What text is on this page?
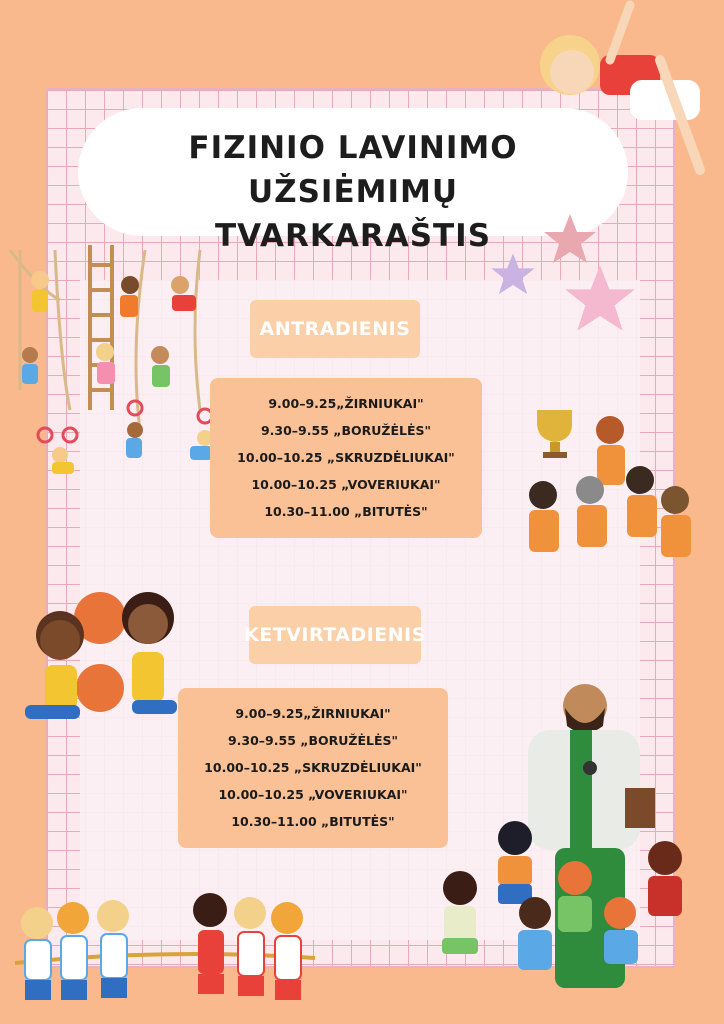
FIZINIO LAVINIMO UŽSIĖMIMŲ
TVARKARAŠTIS
ANTRADIENIS
9.00–9.25„ŽIRNIUKAI"
9.30–9.55 „BORUŽĖLĖS"
10.00–10.25 „SKRUZDĖLIUKAI"
10.00–10.25 „VOVERIUKAI"
10.30–11.00 „BITUTĖS"
KETVIRTADIENIS
9.00–9.25„ŽIRNIUKAI"
9.30–9.55 „BORUŽĖLĖS"
10.00–10.25 „SKRUZDĖLIUKAI"
10.00–10.25 „VOVERIUKAI"
10.30–11.00 „BITUTĖS"
